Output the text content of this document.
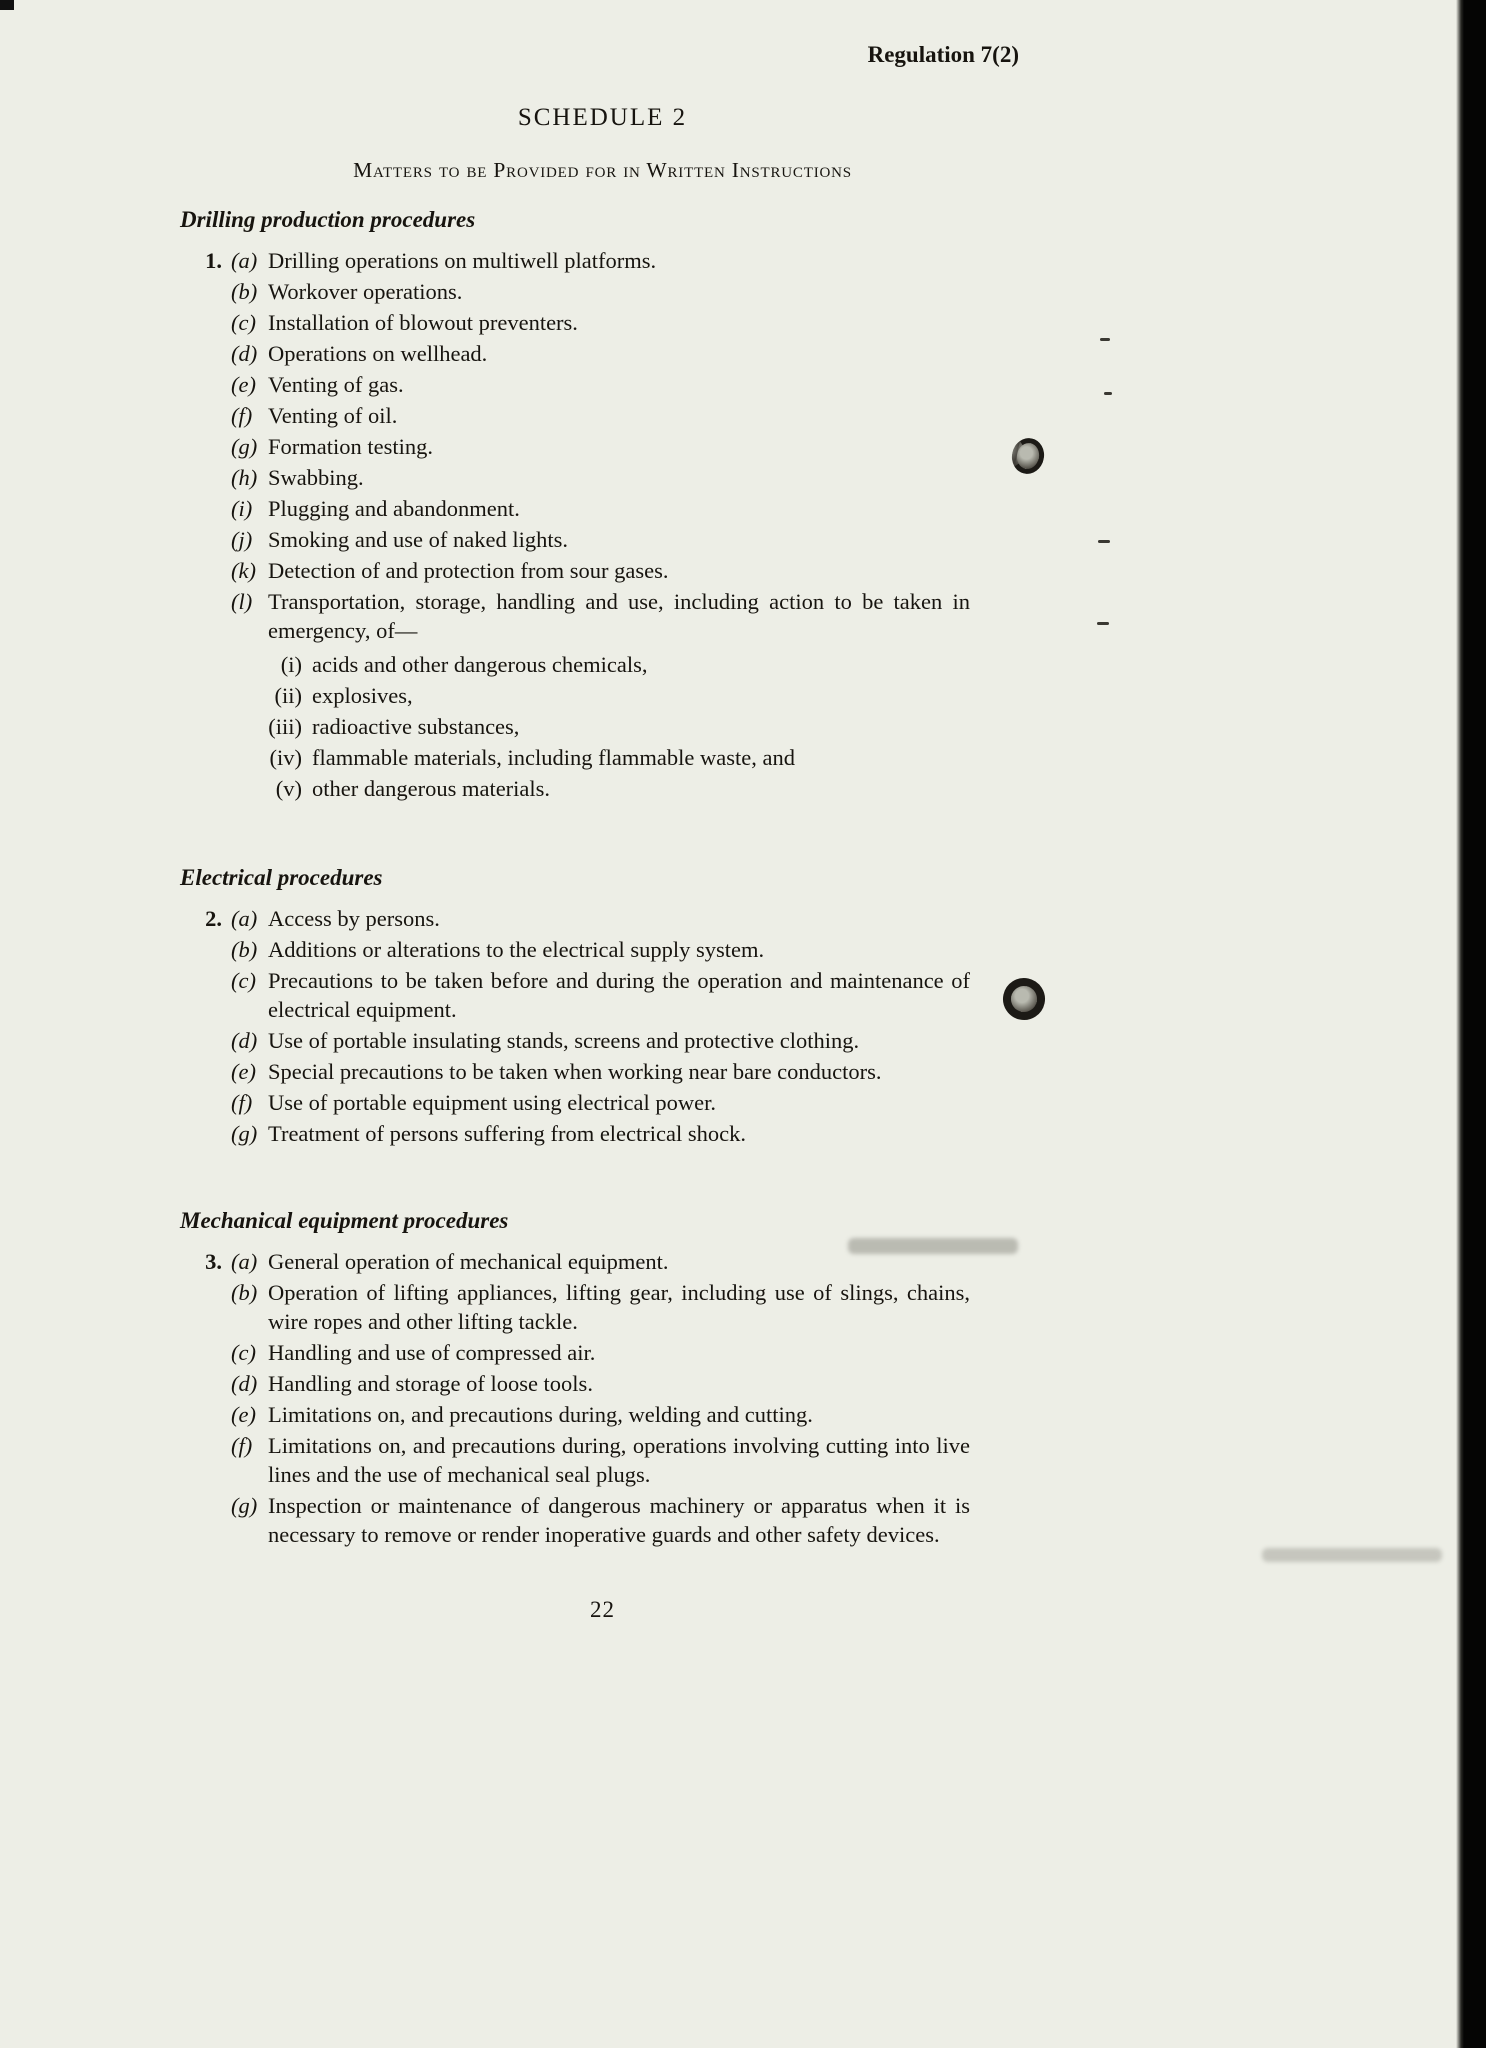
Regulation 7(2)
SCHEDULE 2
Matters to be Provided for in Written Instructions
Drilling production procedures
1. (a) Drilling operations on multiwell platforms.
(b) Workover operations.
(c) Installation of blowout preventers.
(d) Operations on wellhead.
(e) Venting of gas.
(f) Venting of oil.
(g) Formation testing.
(h) Swabbing.
(i) Plugging and abandonment.
(j) Smoking and use of naked lights.
(k) Detection of and protection from sour gases.
(l) Transportation, storage, handling and use, including action to be taken in emergency, of—
(i) acids and other dangerous chemicals,
(ii) explosives,
(iii) radioactive substances,
(iv) flammable materials, including flammable waste, and
(v) other dangerous materials.
Electrical procedures
2. (a) Access by persons.
(b) Additions or alterations to the electrical supply system.
(c) Precautions to be taken before and during the operation and maintenance of electrical equipment.
(d) Use of portable insulating stands, screens and protective clothing.
(e) Special precautions to be taken when working near bare conductors.
(f) Use of portable equipment using electrical power.
(g) Treatment of persons suffering from electrical shock.
Mechanical equipment procedures
3. (a) General operation of mechanical equipment.
(b) Operation of lifting appliances, lifting gear, including use of slings, chains, wire ropes and other lifting tackle.
(c) Handling and use of compressed air.
(d) Handling and storage of loose tools.
(e) Limitations on, and precautions during, welding and cutting.
(f) Limitations on, and precautions during, operations involving cutting into live lines and the use of mechanical seal plugs.
(g) Inspection or maintenance of dangerous machinery or apparatus when it is necessary to remove or render inoperative guards and other safety devices.
22
